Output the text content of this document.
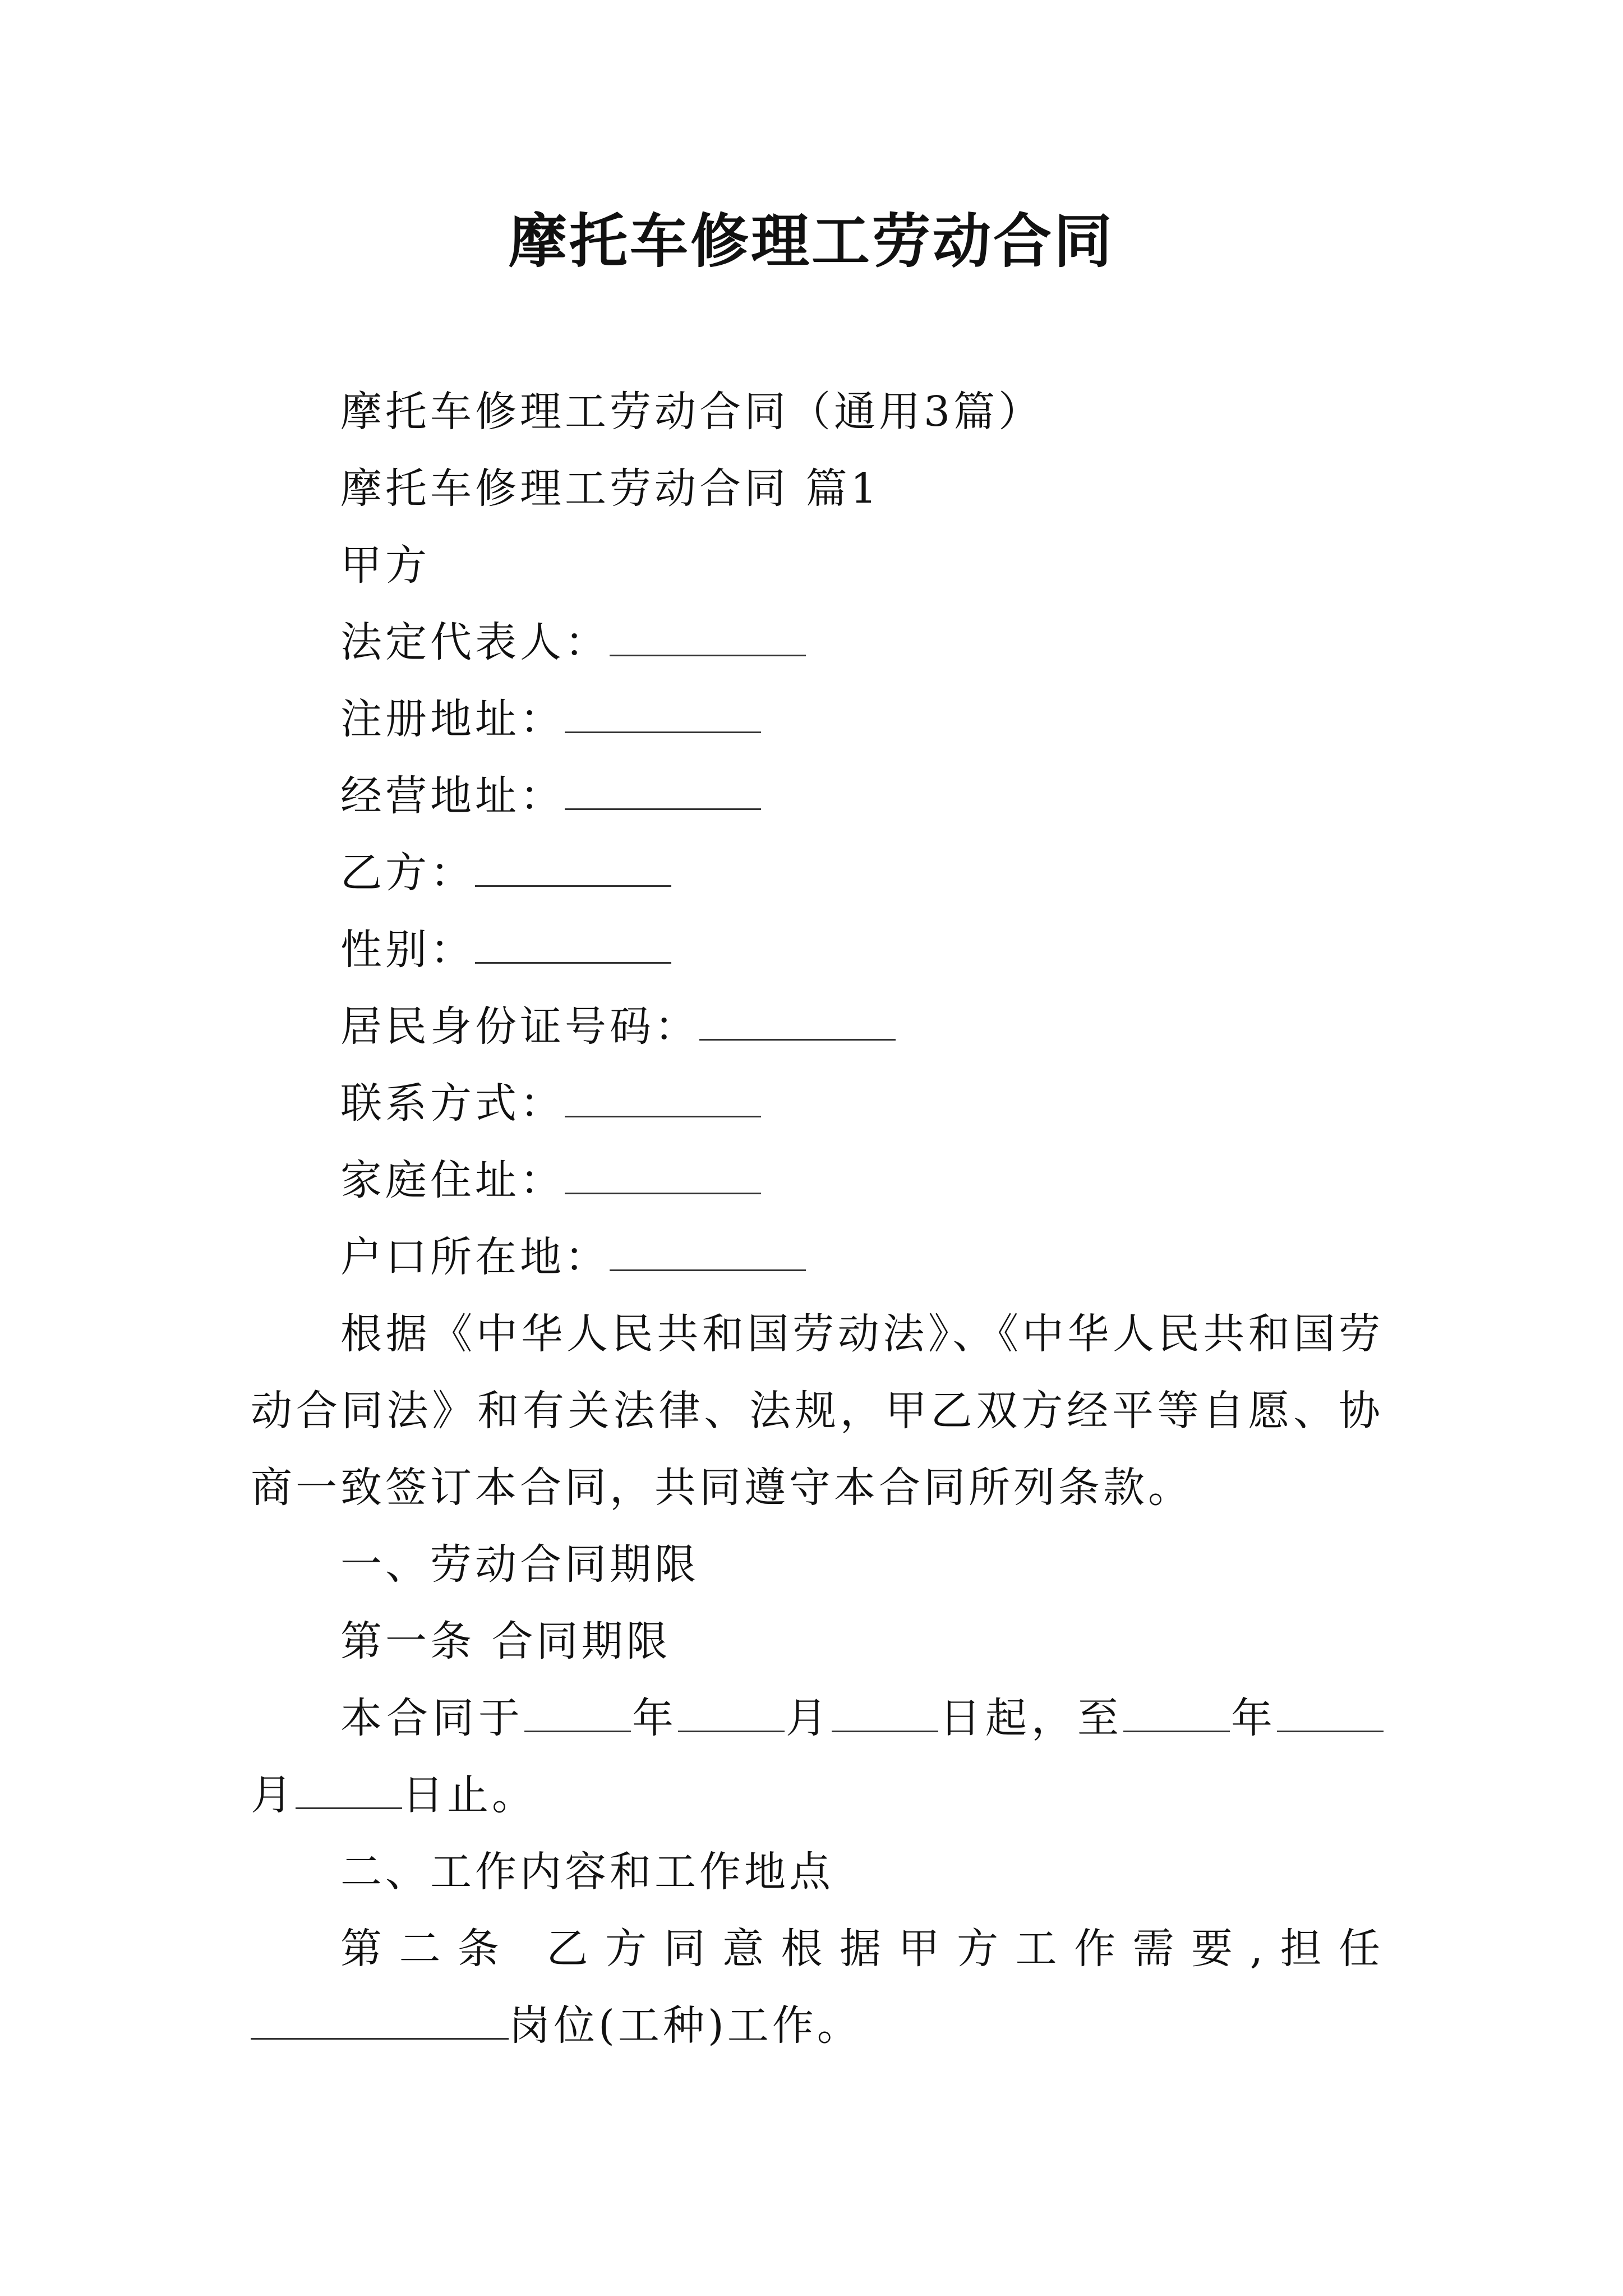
摩托车修理工劳动合同

摩托车修理工劳动合同（通用3篇）

摩托车修理工劳动合同 篇1

甲方

法定代表人：

注册地址：

经营地址：

乙方：

性别：

居民身份证号码：

联系方式：

家庭住址：

户口所在地：

根据《中华人民共和国劳动法》、《中华人民共和国劳动合同法》和有关法律、法规，甲乙双方经平等自愿、协商一致签订本合同，共同遵守本合同所列条款。

一、劳动合同期限

第一条 合同期限

本合同于	年	月	日起，至	年月	日止。

二、工作内容和工作地点

第二条 乙方同意根据甲方工作需要,担任岗位(工种)工作。
